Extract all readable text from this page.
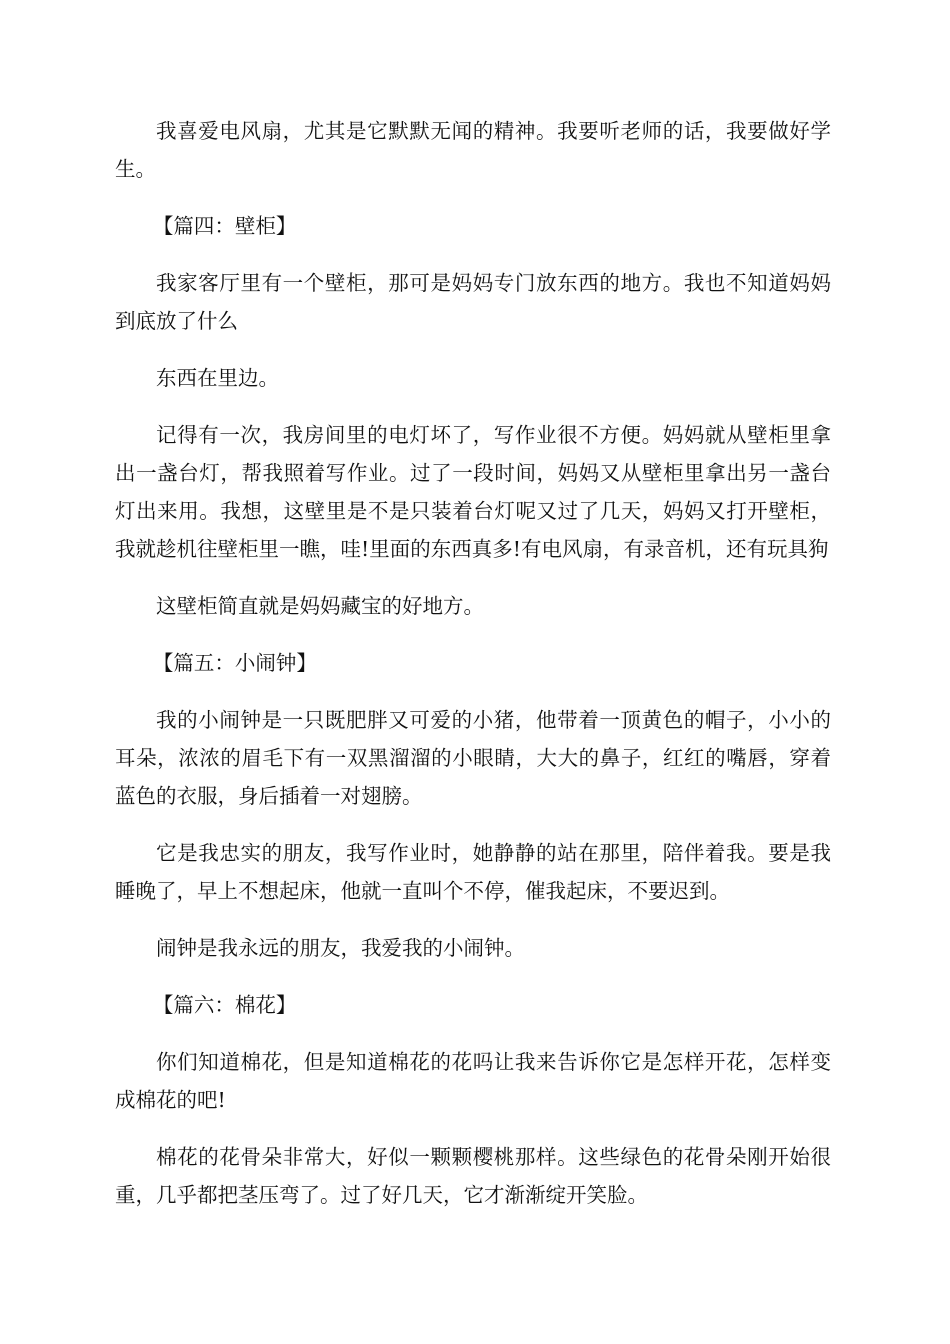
我喜爱电风扇，尤其是它默默无闻的精神。我要听老师的话，我要做好学生。

【篇四：壁柜】

我家客厅里有一个壁柜，那可是妈妈专门放东西的地方。我也不知道妈妈到底放了什么

东西在里边。

记得有一次，我房间里的电灯坏了，写作业很不方便。妈妈就从壁柜里拿出一盏台灯，帮我照着写作业。过了一段时间，妈妈又从壁柜里拿出另一盏台灯出来用。我想，这壁里是不是只装着台灯呢又过了几天，妈妈又打开壁柜，我就趁机往壁柜里一瞧，哇!里面的东西真多!有电风扇，有录音机，还有玩具狗

这壁柜简直就是妈妈藏宝的好地方。

【篇五：小闹钟】

我的小闹钟是一只既肥胖又可爱的小猪，他带着一顶黄色的帽子，小小的耳朵，浓浓的眉毛下有一双黑溜溜的小眼睛，大大的鼻子，红红的嘴唇，穿着蓝色的衣服，身后插着一对翅膀。

它是我忠实的朋友，我写作业时，她静静的站在那里，陪伴着我。要是我睡晚了，早上不想起床，他就一直叫个不停，催我起床，不要迟到。

闹钟是我永远的朋友，我爱我的小闹钟。

【篇六：棉花】

你们知道棉花，但是知道棉花的花吗让我来告诉你它是怎样开花，怎样变成棉花的吧!

棉花的花骨朵非常大，好似一颗颗樱桃那样。这些绿色的花骨朵刚开始很重，几乎都把茎压弯了。过了好几天，它才渐渐绽开笑脸。
